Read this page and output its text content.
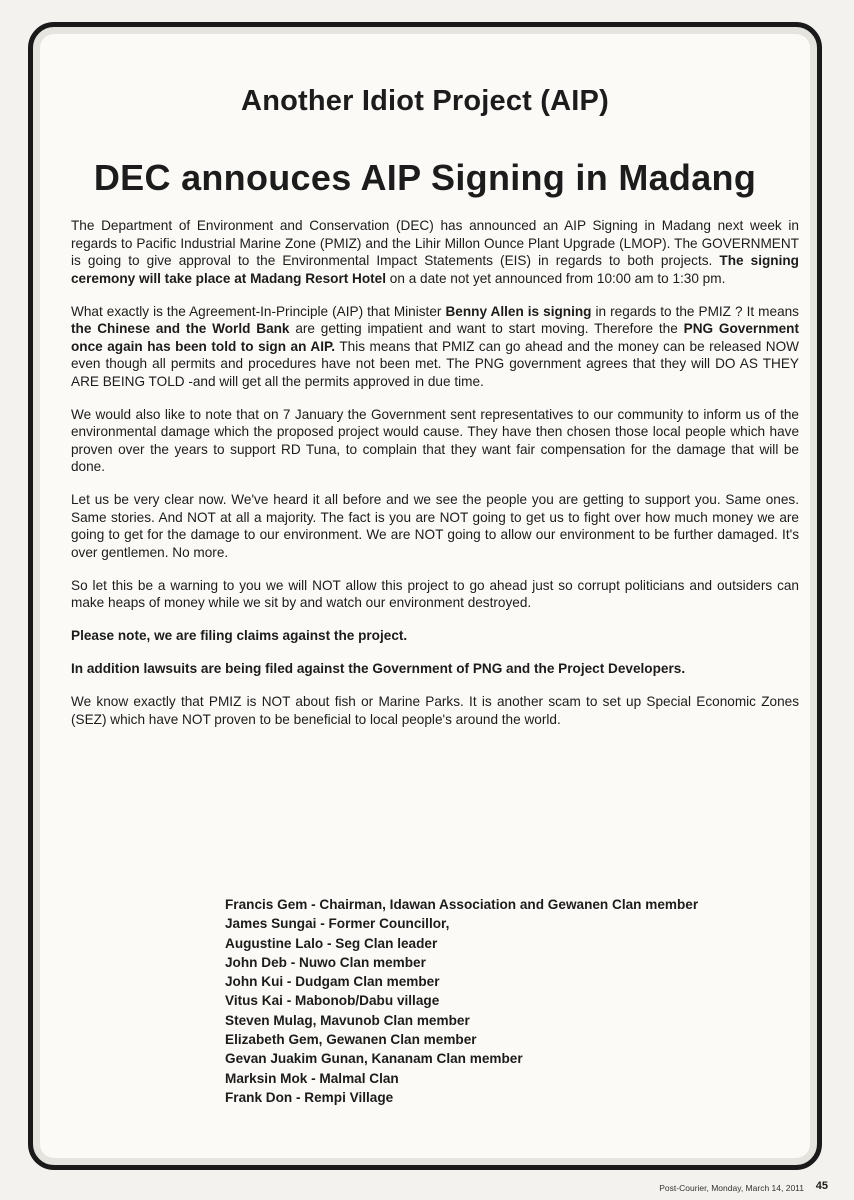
Another Idiot Project (AIP)
DEC annouces AIP Signing in Madang

The Department of Environment and Conservation (DEC) has announced an AIP Signing in Madang next week in regards to Pacific Industrial Marine Zone (PMIZ) and the Lihir Millon Ounce Plant Upgrade (LMOP). The GOVERNMENT is going to give approval to the Environmental Impact Statements (EIS) in regards to both projects. The signing ceremony will take place at Madang Resort Hotel on a date not yet announced from 10:00 am to 1:30 pm.

What exactly is the Agreement-In-Principle (AIP) that Minister Benny Allen is signing in regards to the PMIZ ? It means the Chinese and the World Bank are getting impatient and want to start moving. Therefore the PNG Government once again has been told to sign an AIP. This means that PMIZ can go ahead and the money can be released NOW even though all permits and procedures have not been met. The PNG government agrees that they will DO AS THEY ARE BEING TOLD -and will get all the permits approved in due time.

We would also like to note that on 7 January the Government sent representatives to our community to inform us of the environmental damage which the proposed project would cause. They have then chosen those local people which have proven over the years to support RD Tuna, to complain that they want fair compensation for the damage that will be done.

Let us be very clear now. We've heard it all before and we see the people you are getting to support you. Same ones. Same stories. And NOT at all a majority. The fact is you are NOT going to get us to fight over how much money we are going to get for the damage to our environment. We are NOT going to allow our environment to be further damaged. It's over gentlemen. No more.

So let this be a warning to you we will NOT allow this project to go ahead just so corrupt politicians and outsiders can make heaps of money while we sit by and watch our environment destroyed.

Please note, we are filing claims against the project.

In addition lawsuits are being filed against the Government of PNG and the Project Developers.

We know exactly that PMIZ is NOT about fish or Marine Parks. It is another scam to set up Special Economic Zones (SEZ) which have NOT proven to be beneficial to local people's around the world.

Francis Gem - Chairman, Idawan Association and Gewanen Clan member
James Sungai - Former Councillor,
Augustine Lalo - Seg Clan leader
John Deb - Nuwo Clan member
John Kui - Dudgam Clan member
Vitus Kai - Mabonob/Dabu village
Steven Mulag, Mavunob Clan member
Elizabeth Gem, Gewanen Clan member
Gevan Juakim Gunan, Kananam Clan member
Marksin Mok - Malmal Clan
Frank Don - Rempi Village
Post-Courier, Monday, March 14, 2011 45
